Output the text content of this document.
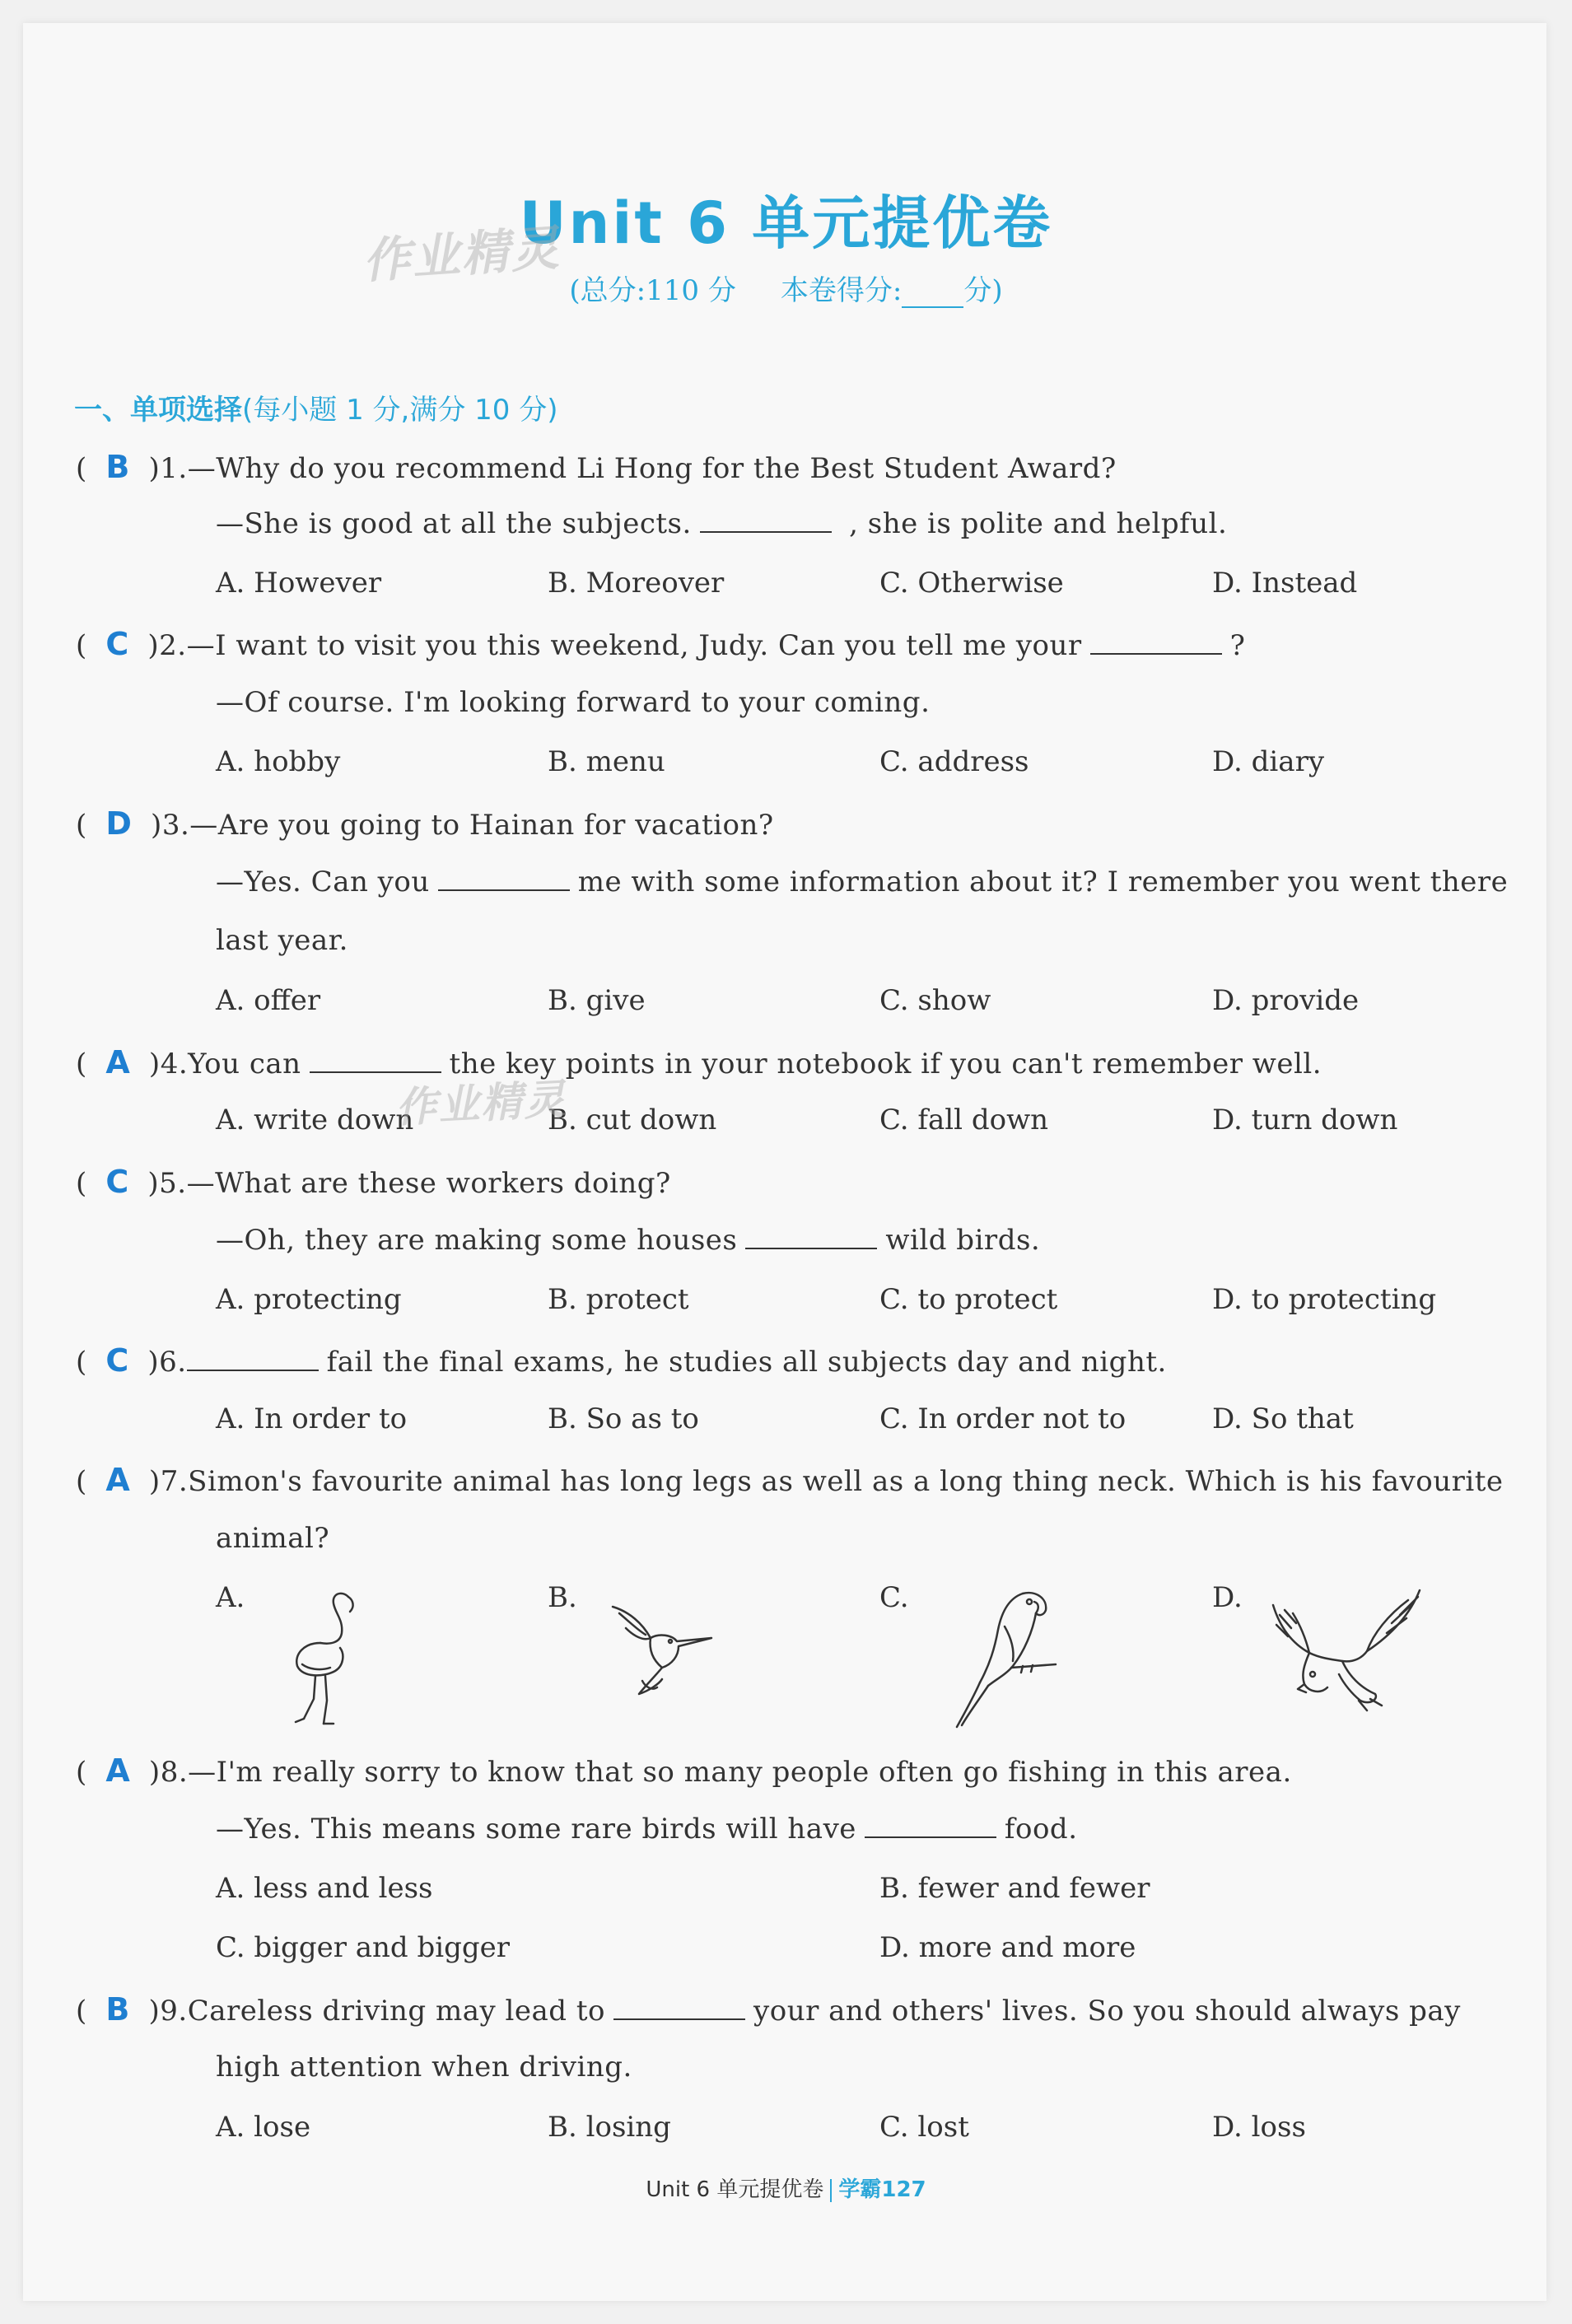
Unit 6 单元提优卷
作业精灵
(总分:110 分 本卷得分: 分)
一、单项选择(每小题 1 分,满分 10 分)
(  B  )1.—Why do you recommend Li Hong for the Best Student Award?
—She is good at all the subjects.	, she is polite and helpful.
A. However	B. Moreover	C. Otherwise	D. Instead
(  C  )2.—I want to visit you this weekend, Judy. Can you tell me your	?
—Of course. I'm looking forward to your coming.
A. hobby	B. menu	C. address	D. diary
(  D  )3.—Are you going to Hainan for vacation?
—Yes. Can you	me with some information about it? I remember you went there
last year.
A. offer	B. give	C. show	D. provide
(  A  )4.You can	the key points in your notebook if you can't remember well.
A. write down	B. cut down	C. fall down	D. turn down
作业精灵
(  C  )5.—What are these workers doing?
—Oh, they are making some houses	wild birds.
A. protecting	B. protect	C. to protect	D. to protecting
(  C  )6.	fail the final exams, he studies all subjects day and night.
A. In order to	B. So as to	C. In order not to	D. So that
(  A  )7.Simon's favourite animal has long legs as well as a long thing neck. Which is his favourite
animal?
A.	B.	C.	D.
(  A  )8.—I'm really sorry to know that so many people often go fishing in this area.
—Yes. This means some rare birds will have	food.
A. less and less	B. fewer and fewer
C. bigger and bigger	D. more and more
(  B  )9.Careless driving may lead to	your and others' lives. So you should always pay
high attention when driving.
A. lose	B. losing	C. lost	D. loss
Unit 6 单元提优卷 学霸127
